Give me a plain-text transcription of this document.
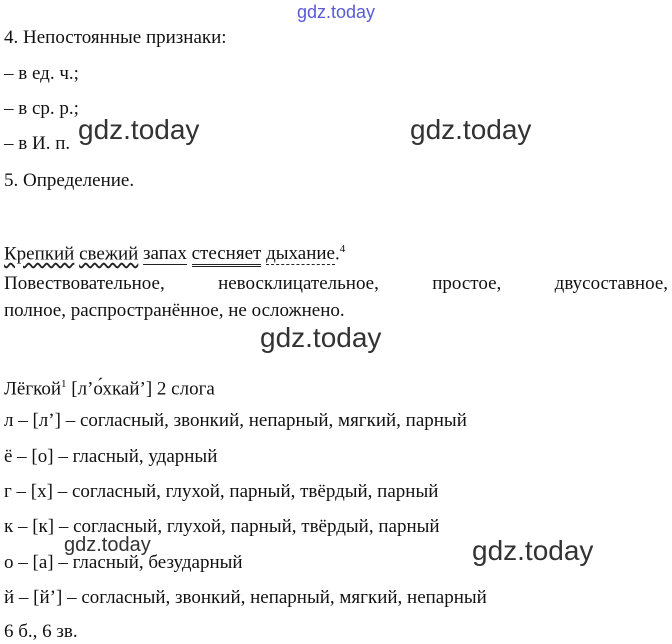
gdz.today
4. Непостоянные признаки:
– в ед. ч.;
– в ср. р.;
– в И. п. gdz.today	gdz.today
5. Определение.
Крепкий свежий запах стесняет дыхание.$^4$
Повествовательное, невосклицательное, простое, двусоставное,
полное, распространённое, не осложнено.
gdz.today
Лёгкой$^1$ [л’о́хкай’] 2 слога
л – [л’] – согласный, звонкий, непарный, мягкий, парный
ё – [о] – гласный, ударный
г – [х] – согласный, глухой, парный, твёрдый, парный
к – [к] – согласный, глухой, парный, твёрдый, парный
gdz.today	gdz.today
о – [а] – гласный, безударный
й – [й’] – согласный, звонкий, непарный, мягкий, непарный
6 б., 6 зв.
